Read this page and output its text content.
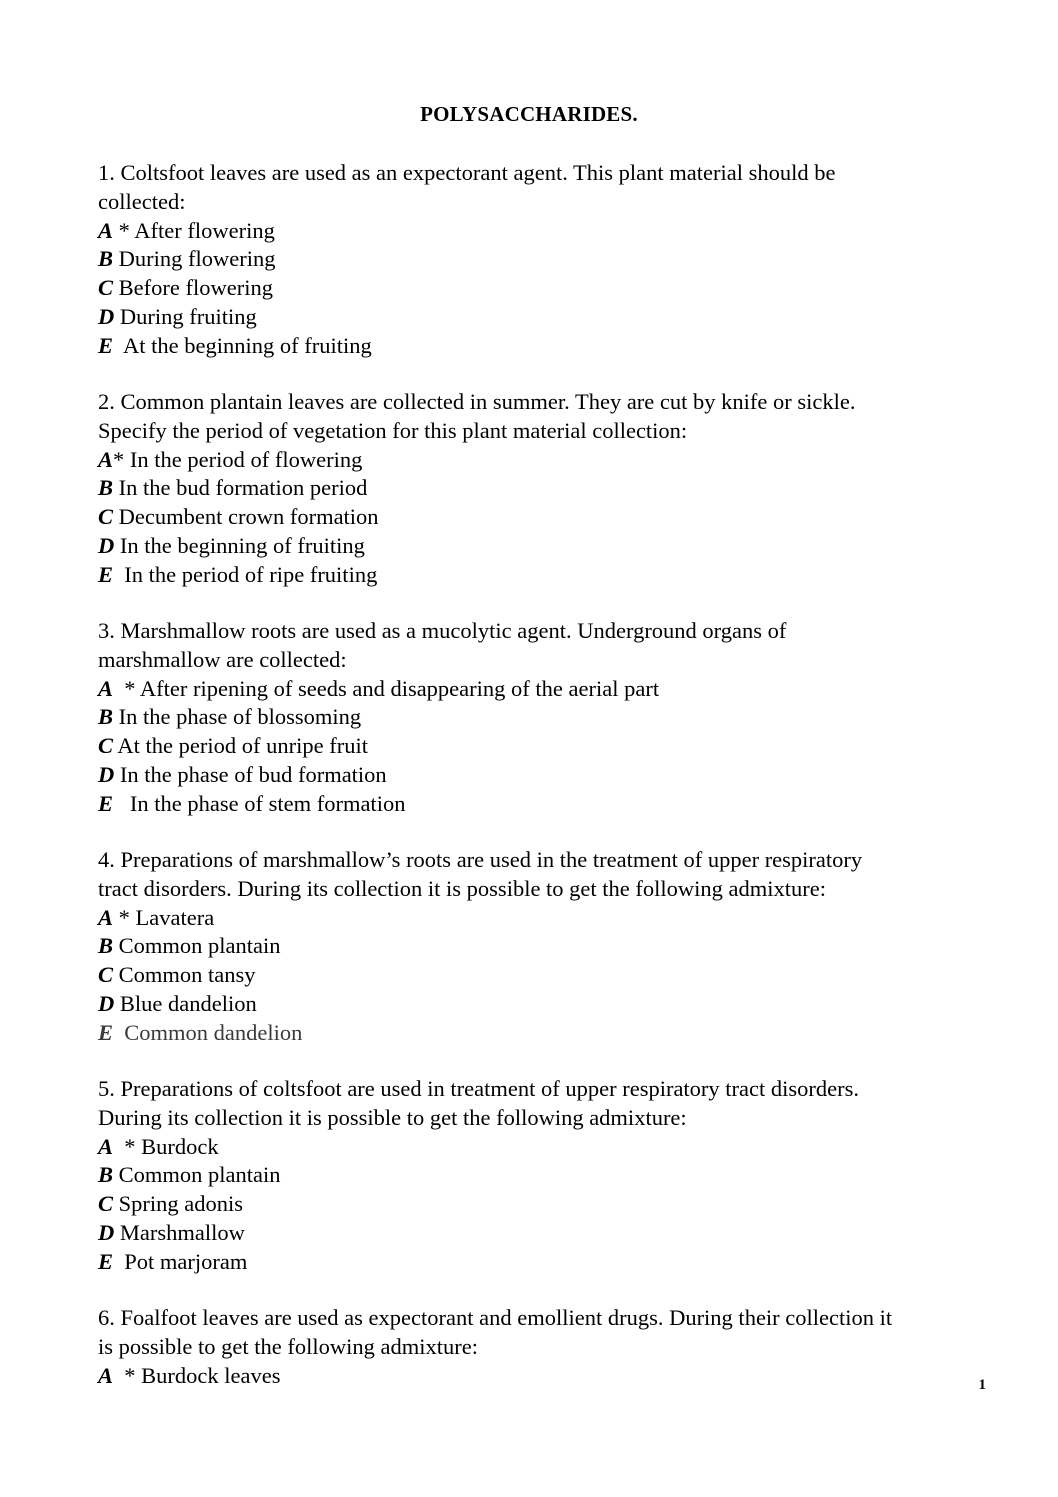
POLYSACCHARIDES.
1. Coltsfoot leaves are used as an expectorant agent. This plant material should be
collected:
A * After flowering
B During flowering
C Before flowering
D During fruiting
E  At the beginning of fruiting
2. Common plantain leaves are collected in summer. They are cut by knife or sickle.
Specify the period of vegetation for this plant material collection:
A* In the period of flowering
B In the bud formation period
C Decumbent crown formation
D In the beginning of fruiting
E  In the period of ripe fruiting
3. Marshmallow roots are used as a mucolytic agent. Underground organs of
marshmallow are collected:
A  * After ripening of seeds and disappearing of the aerial part
B In the phase of blossoming
C At the period of unripe fruit
D In the phase of bud formation
E   In the phase of stem formation
4. Preparations of marshmallow’s roots are used in the treatment of upper respiratory
tract disorders. During its collection it is possible to get the following admixture:
A * Lavatera
B Common plantain
C Common tansy
D Blue dandelion
E  Common dandelion
5. Preparations of coltsfoot are used in treatment of upper respiratory tract disorders.
During its collection it is possible to get the following admixture:
A  * Burdock
B Common plantain
C Spring adonis
D Marshmallow
E  Pot marjoram
6. Foalfoot leaves are used as expectorant and emollient drugs. During their collection it
is possible to get the following admixture:
A  * Burdock leaves	1
